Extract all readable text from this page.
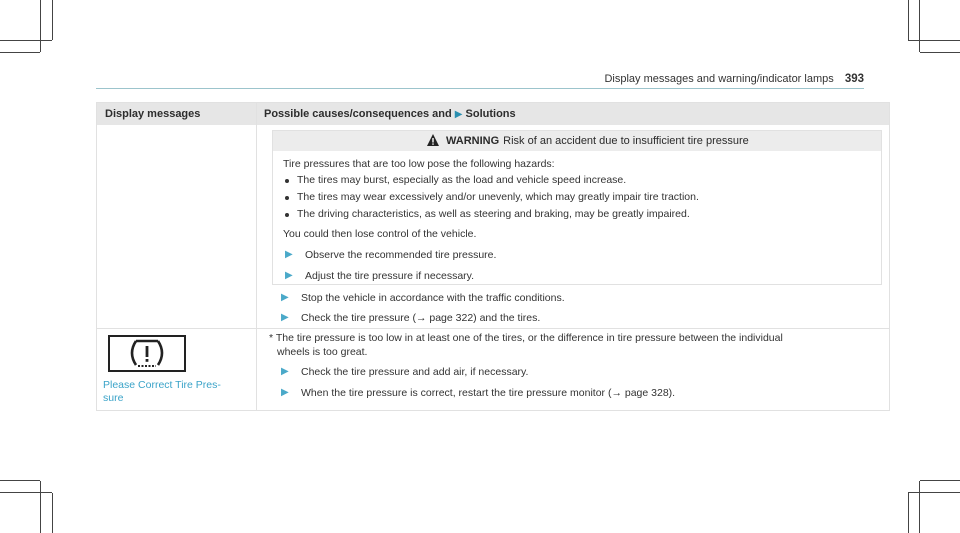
Display messages and warning/indicator lamps 393
Display messages	Possible causes/consequences and ▶ Solutions
WARNING Risk of an accident due to insufficient tire pressure
Tire pressures that are too low pose the following hazards:
The tires may burst, especially as the load and vehicle speed increase.
The tires may wear excessively and/or unevenly, which may greatly impair tire traction.
The driving characteristics, as well as steering and braking, may be greatly impaired.
You could then lose control of the vehicle.
▶ Observe the recommended tire pressure.
▶ Adjust the tire pressure if necessary.
▶ Stop the vehicle in accordance with the traffic conditions.
▶ Check the tire pressure (→ page 322) and the tires.
Please Correct Tire Pres-
sure
* The tire pressure is too low in at least one of the tires, or the difference in tire pressure between the individual
wheels is too great.
▶ Check the tire pressure and add air, if necessary.
▶ When the tire pressure is correct, restart the tire pressure monitor (→ page 328).
